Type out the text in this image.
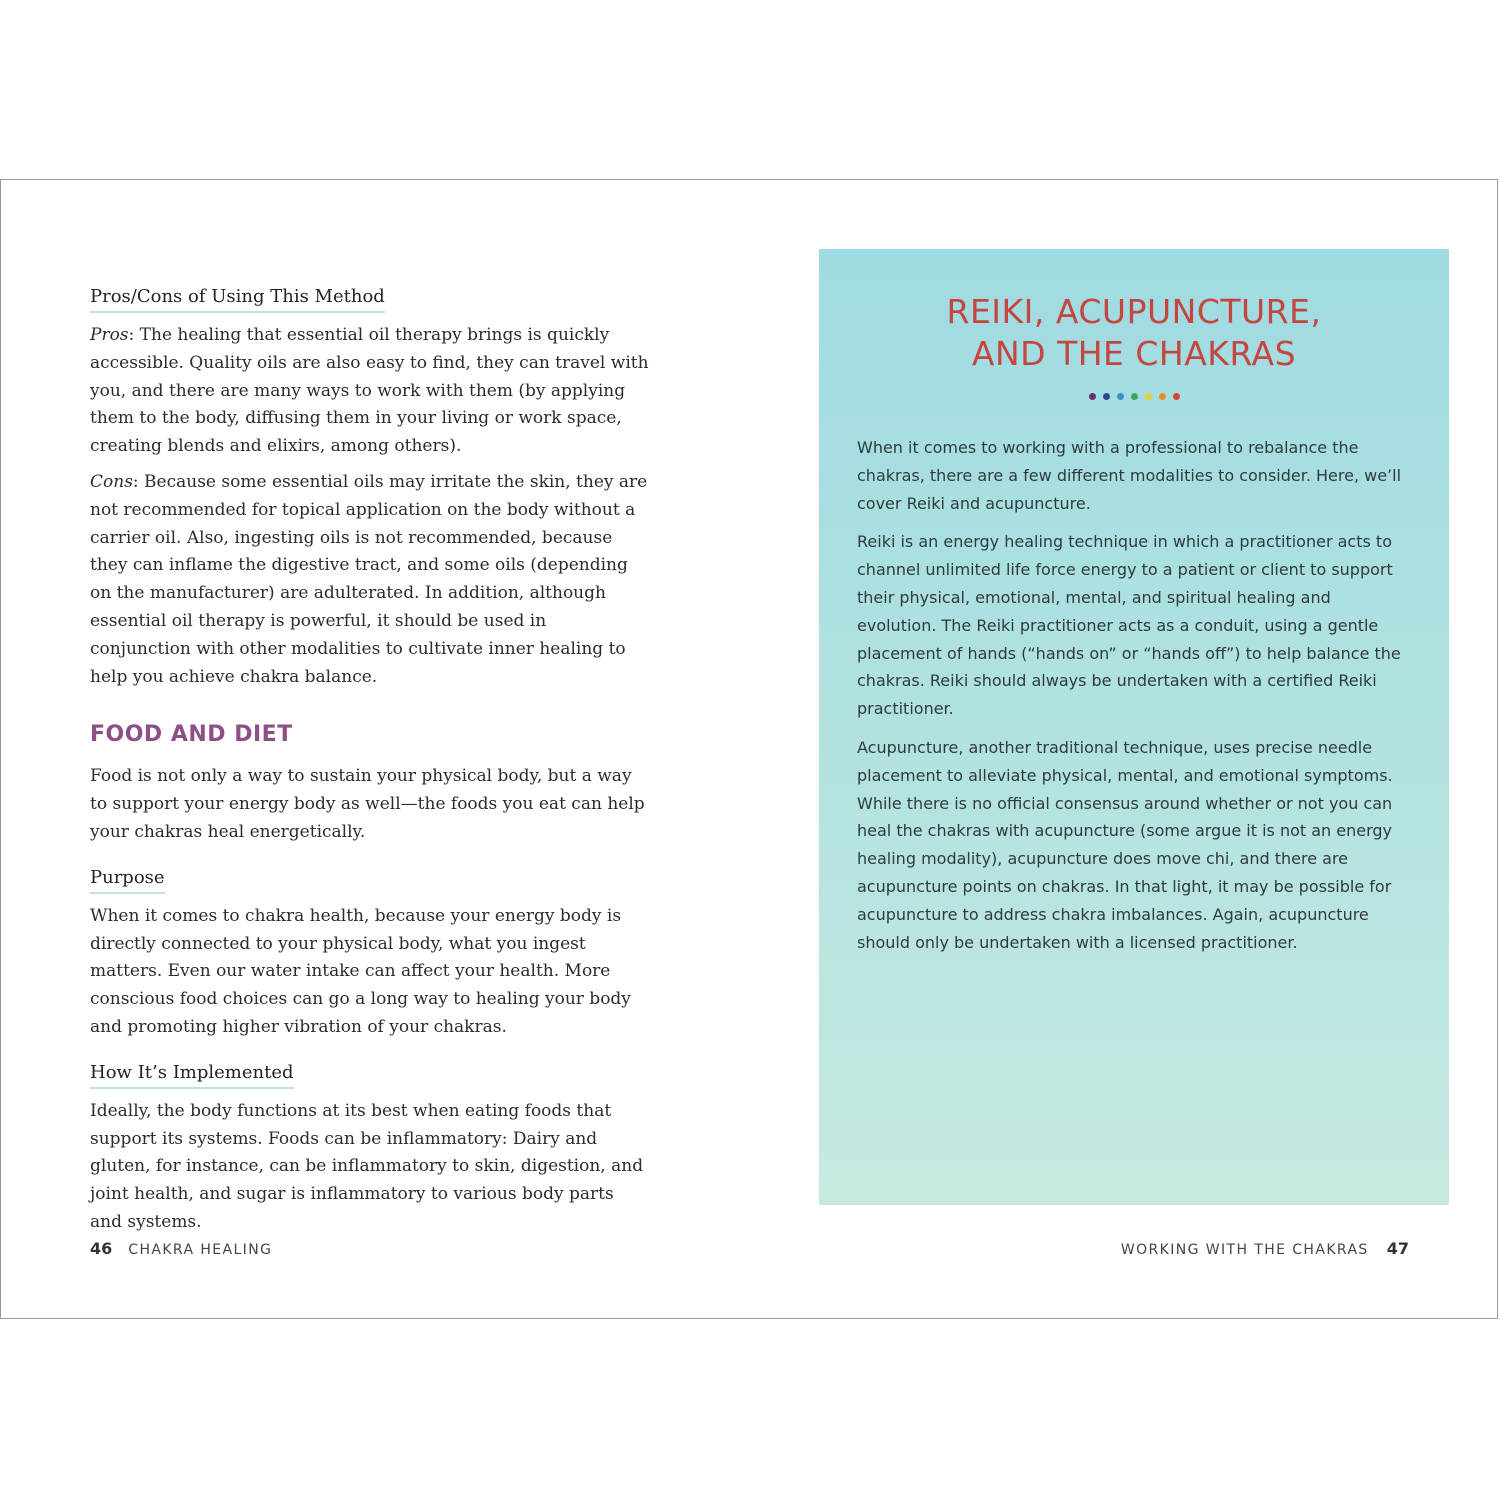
Pros/Cons of Using This Method

Pros: The healing that essential oil therapy brings is quickly accessible. Quality oils are also easy to find, they can travel with you, and there are many ways to work with them (by applying them to the body, diffusing them in your living or work space, creating blends and elixirs, among others).

Cons: Because some essential oils may irritate the skin, they are not recommended for topical application on the body without a carrier oil. Also, ingesting oils is not recommended, because they can inflame the digestive tract, and some oils (depending on the manufacturer) are adulterated. In addition, although essential oil therapy is powerful, it should be used in conjunction with other modalities to cultivate inner healing to help you achieve chakra balance.

FOOD AND DIET

Food is not only a way to sustain your physical body, but a way to support your energy body as well—the foods you eat can help your chakras heal energetically.

Purpose

When it comes to chakra health, because your energy body is directly connected to your physical body, what you ingest matters. Even our water intake can affect your health. More conscious food choices can go a long way to healing your body and promoting higher vibration of your chakras.

How It’s Implemented

Ideally, the body functions at its best when eating foods that support its systems. Foods can be inflammatory: Dairy and gluten, for instance, can be inflammatory to skin, digestion, and joint health, and sugar is inflammatory to various body parts and systems.

REIKI, ACUPUNCTURE,
AND THE CHAKRAS

When it comes to working with a professional to rebalance the chakras, there are a few different modalities to consider. Here, we’ll cover Reiki and acupuncture.

Reiki is an energy healing technique in which a practitioner acts to channel unlimited life force energy to a patient or client to support their physical, emotional, mental, and spiritual healing and evolution. The Reiki practitioner acts as a conduit, using a gentle placement of hands (“hands on” or “hands off”) to help balance the chakras. Reiki should always be undertaken with a certified Reiki practitioner.

Acupuncture, another traditional technique, uses precise needle placement to alleviate physical, mental, and emotional symptoms. While there is no official consensus around whether or not you can heal the chakras with acupuncture (some argue it is not an energy healing modality), acupuncture does move chi, and there are acupuncture points on chakras. In that light, it may be possible for acupuncture to address chakra imbalances. Again, acupuncture should only be undertaken with a licensed practitioner.

46 CHAKRA HEALING	WORKING WITH THE CHAKRAS 47
